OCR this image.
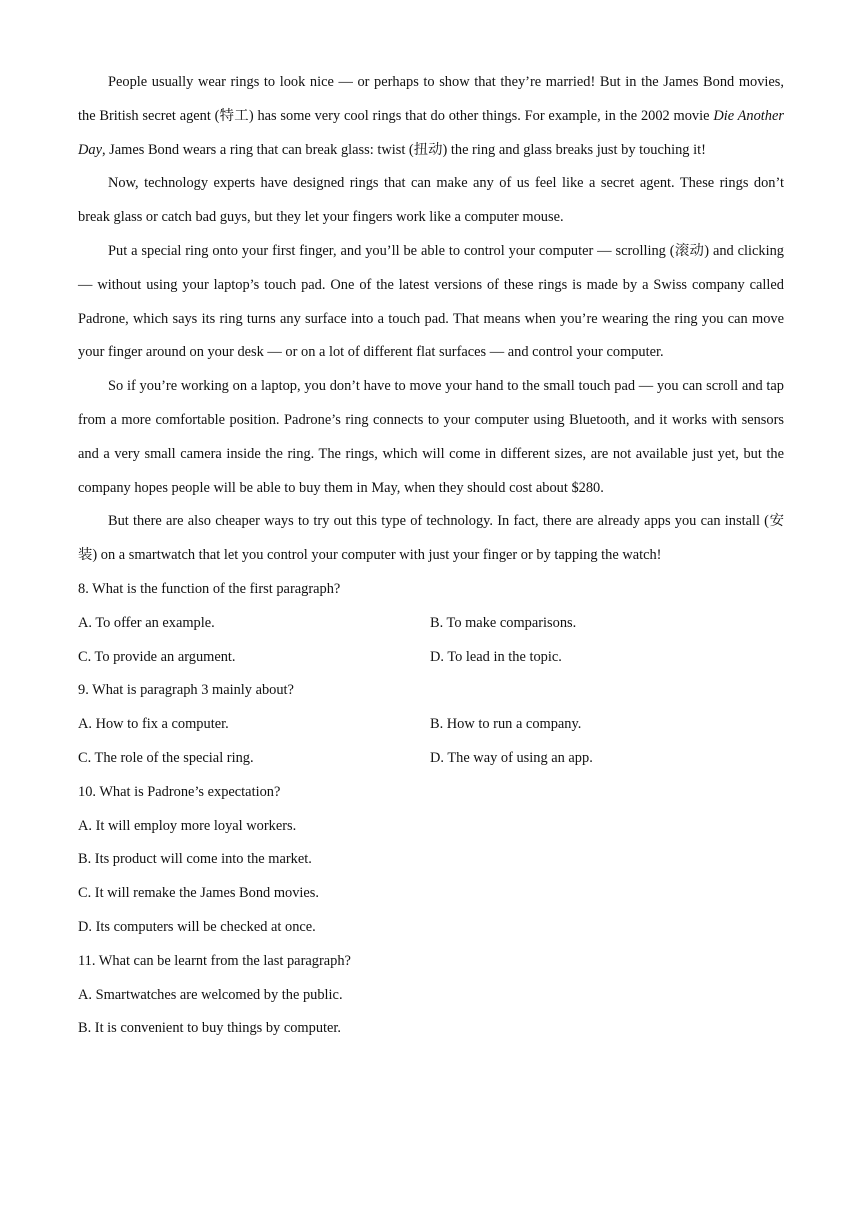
People usually wear rings to look nice — or perhaps to show that they’re married! But in the James Bond movies, the British secret agent (特工) has some very cool rings that do other things. For example, in the 2002 movie Die Another Day, James Bond wears a ring that can break glass: twist (扭动) the ring and glass breaks just by touching it!

Now, technology experts have designed rings that can make any of us feel like a secret agent. These rings don’t break glass or catch bad guys, but they let your fingers work like a computer mouse.

Put a special ring onto your first finger, and you’ll be able to control your computer — scrolling (滚动) and clicking — without using your laptop’s touch pad. One of the latest versions of these rings is made by a Swiss company called Padrone, which says its ring turns any surface into a touch pad. That means when you’re wearing the ring you can move your finger around on your desk — or on a lot of different flat surfaces — and control your computer.

So if you’re working on a laptop, you don’t have to move your hand to the small touch pad — you can scroll and tap from a more comfortable position. Padrone’s ring connects to your computer using Bluetooth, and it works with sensors and a very small camera inside the ring. The rings, which will come in different sizes, are not available just yet, but the company hopes people will be able to buy them in May, when they should cost about $280.

But there are also cheaper ways to try out this type of technology. In fact, there are already apps you can install (安装) on a smartwatch that let you control your computer with just your finger or by tapping the watch!

8. What is the function of the first paragraph?

A. To offer an example.	B. To make comparisons.
C. To provide an argument.	D. To lead in the topic.

9. What is paragraph 3 mainly about?

A. How to fix a computer.	B. How to run a company.
C. The role of the special ring.	D. The way of using an app.

10. What is Padrone’s expectation?

A. It will employ more loyal workers.

B. Its product will come into the market.

C. It will remake the James Bond movies.

D. Its computers will be checked at once.

11. What can be learnt from the last paragraph?

A. Smartwatches are welcomed by the public.

B. It is convenient to buy things by computer.
